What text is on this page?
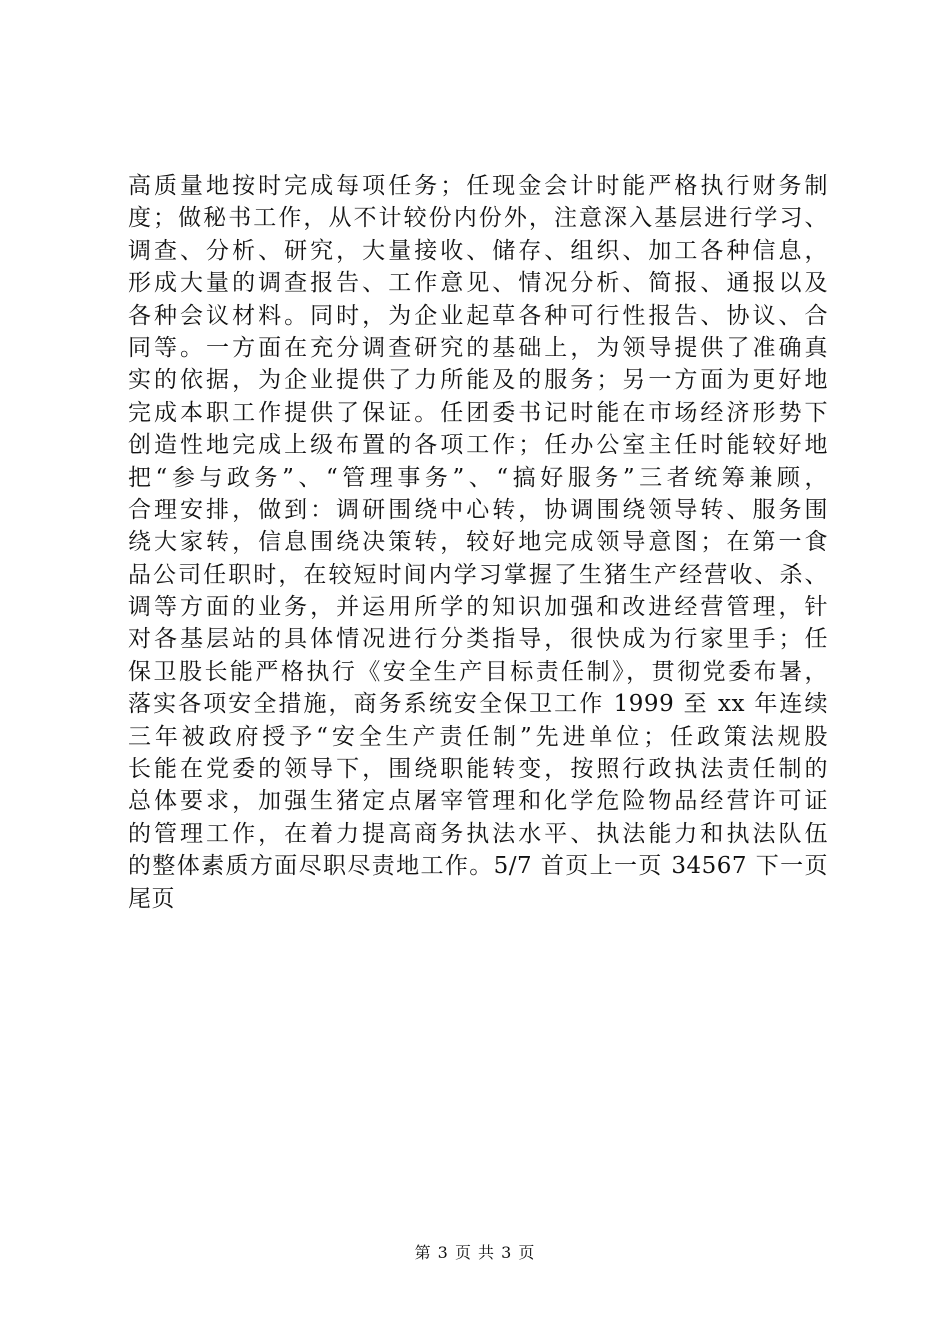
高质量地按时完成每项任务；任现金会计时能严格执行财务制
度；做秘书工作，从不计较份内份外，注意深入基层进行学习、
调查、分析、研究，大量接收、储存、组织、加工各种信息，
形成大量的调查报告、工作意见、情况分析、简报、通报以及
各种会议材料。同时，为企业起草各种可行性报告、协议、合
同等。一方面在充分调查研究的基础上，为领导提供了准确真
实的依据，为企业提供了力所能及的服务；另一方面为更好地
完成本职工作提供了保证。任团委书记时能在市场经济形势下
创造性地完成上级布置的各项工作；任办公室主任时能较好地
把“参与政务”、“管理事务”、“搞好服务”三者统筹兼顾，
合理安排，做到：调研围绕中心转，协调围绕领导转、服务围
绕大家转，信息围绕决策转，较好地完成领导意图；在第一食
品公司任职时，在较短时间内学习掌握了生猪生产经营收、杀、
调等方面的业务，并运用所学的知识加强和改进经营管理，针
对各基层站的具体情况进行分类指导，很快成为行家里手；任
保卫股长能严格执行《安全生产目标责任制》，贯彻党委布暑，
落实各项安全措施，商务系统安全保卫工作 1999 至 xx 年连续
三年被政府授予“安全生产责任制”先进单位；任政策法规股
长能在党委的领导下，围绕职能转变，按照行政执法责任制的
总体要求，加强生猪定点屠宰管理和化学危险物品经营许可证
的管理工作，在着力提高商务执法水平、执法能力和执法队伍
的整体素质方面尽职尽责地工作。5/7 首页上一页 34567 下一页
尾页
第 3 页 共 3 页
